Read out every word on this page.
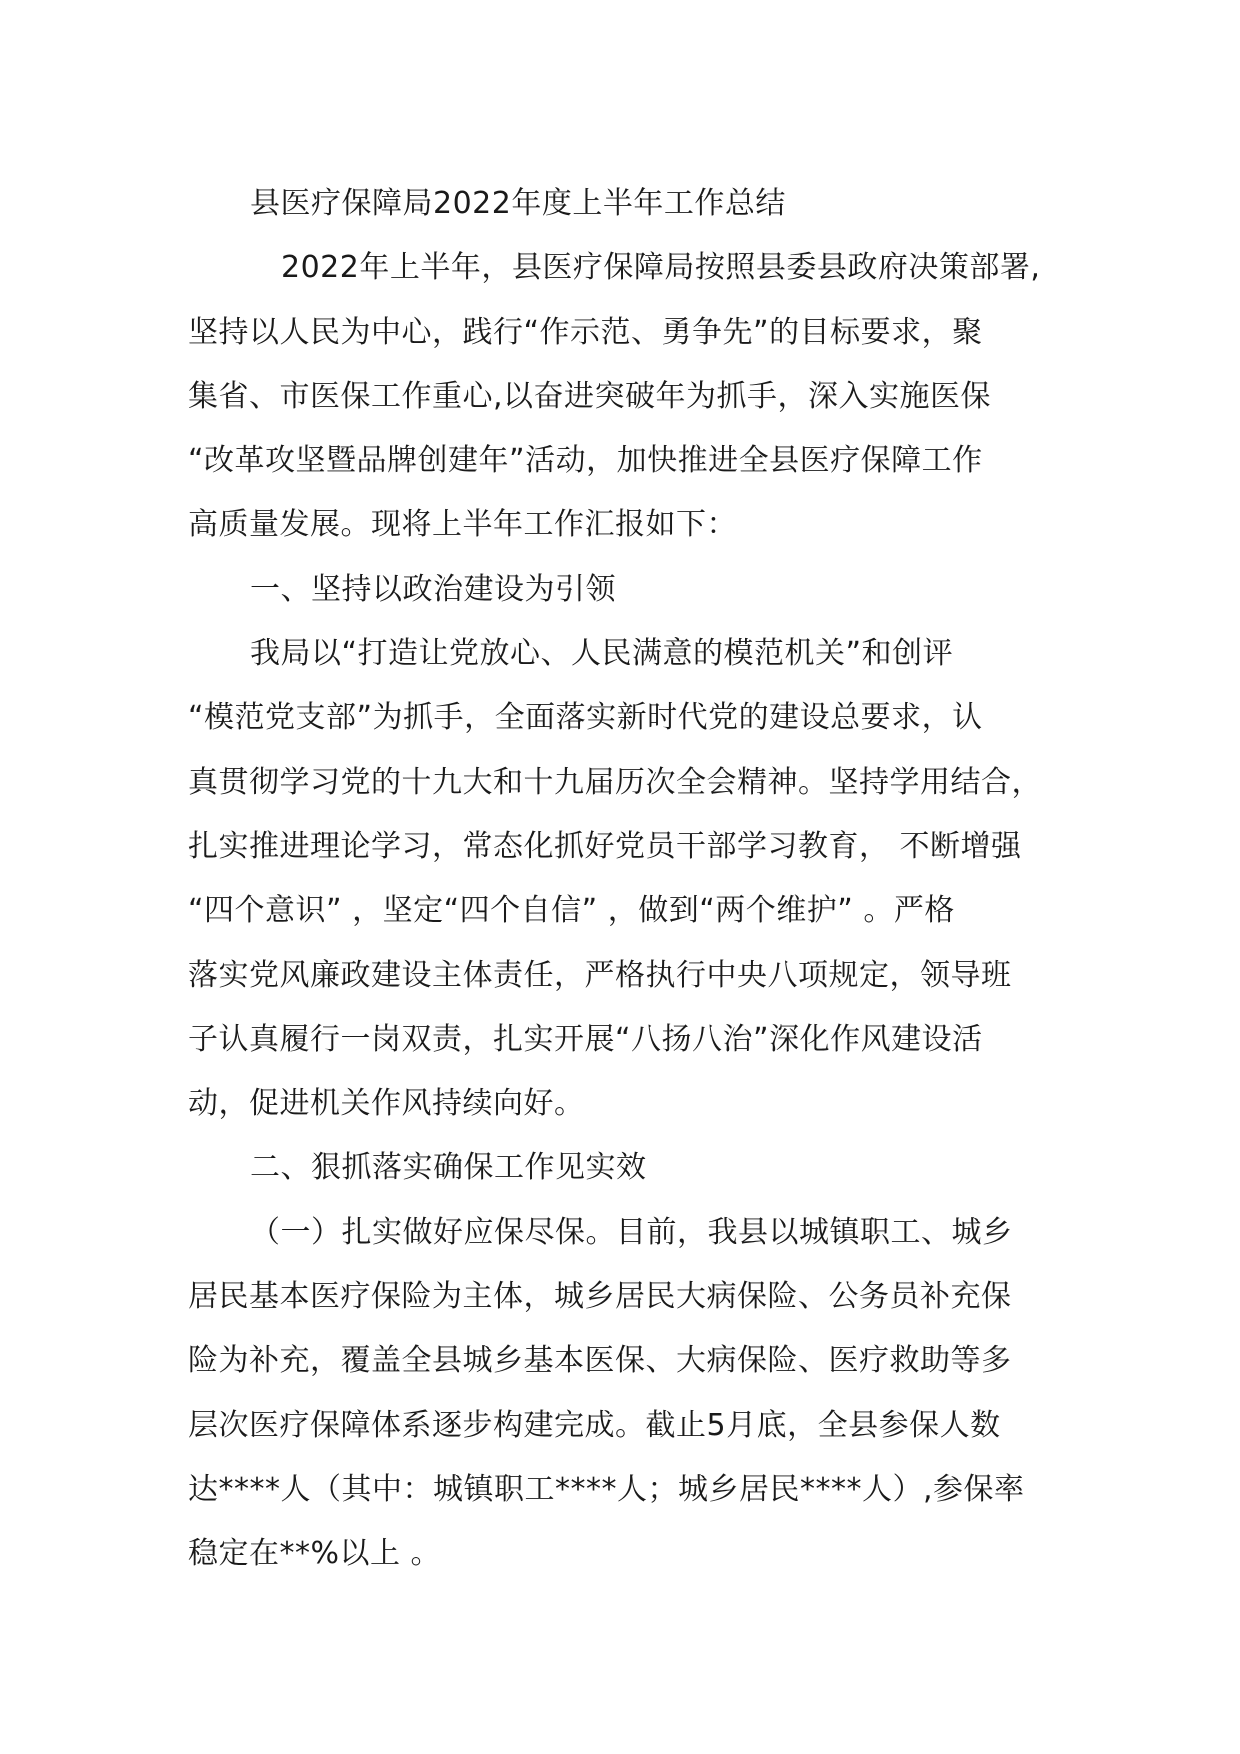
县医疗保障局2022年度上半年工作总结
2022年上半年，县医疗保障局按照县委县政府决策部署,
坚持以人民为中心，践行“作示范、勇争先”的目标要求，聚
集省、市医保工作重心,以奋进突破年为抓手，深入实施医保
“改革攻坚暨品牌创建年”活动，加快推进全县医疗保障工作
高质量发展。现将上半年工作汇报如下：
一、坚持以政治建设为引领
我局以“打造让党放心、人民满意的模范机关”和创评
“模范党支部”为抓手，全面落实新时代党的建设总要求，认
真贯彻学习党的十九大和十九届历次全会精神。坚持学用结合，
扎实推进理论学习，常态化抓好党员干部学习教育， 不断增强
“四个意识” ，坚定“四个自信” ，做到“两个维护” 。严格
落实党风廉政建设主体责任，严格执行中央八项规定，领导班
子认真履行一岗双责，扎实开展“八扬八治”深化作风建设活
动，促进机关作风持续向好。
二、狠抓落实确保工作见实效
（一）扎实做好应保尽保。目前，我县以城镇职工、城乡
居民基本医疗保险为主体，城乡居民大病保险、公务员补充保
险为补充，覆盖全县城乡基本医保、大病保险、医疗救助等多
层次医疗保障体系逐步构建完成。截止5月底，全县参保人数
达****人（其中：城镇职工****人；城乡居民****人）,参保率
稳定在**%以上 。
